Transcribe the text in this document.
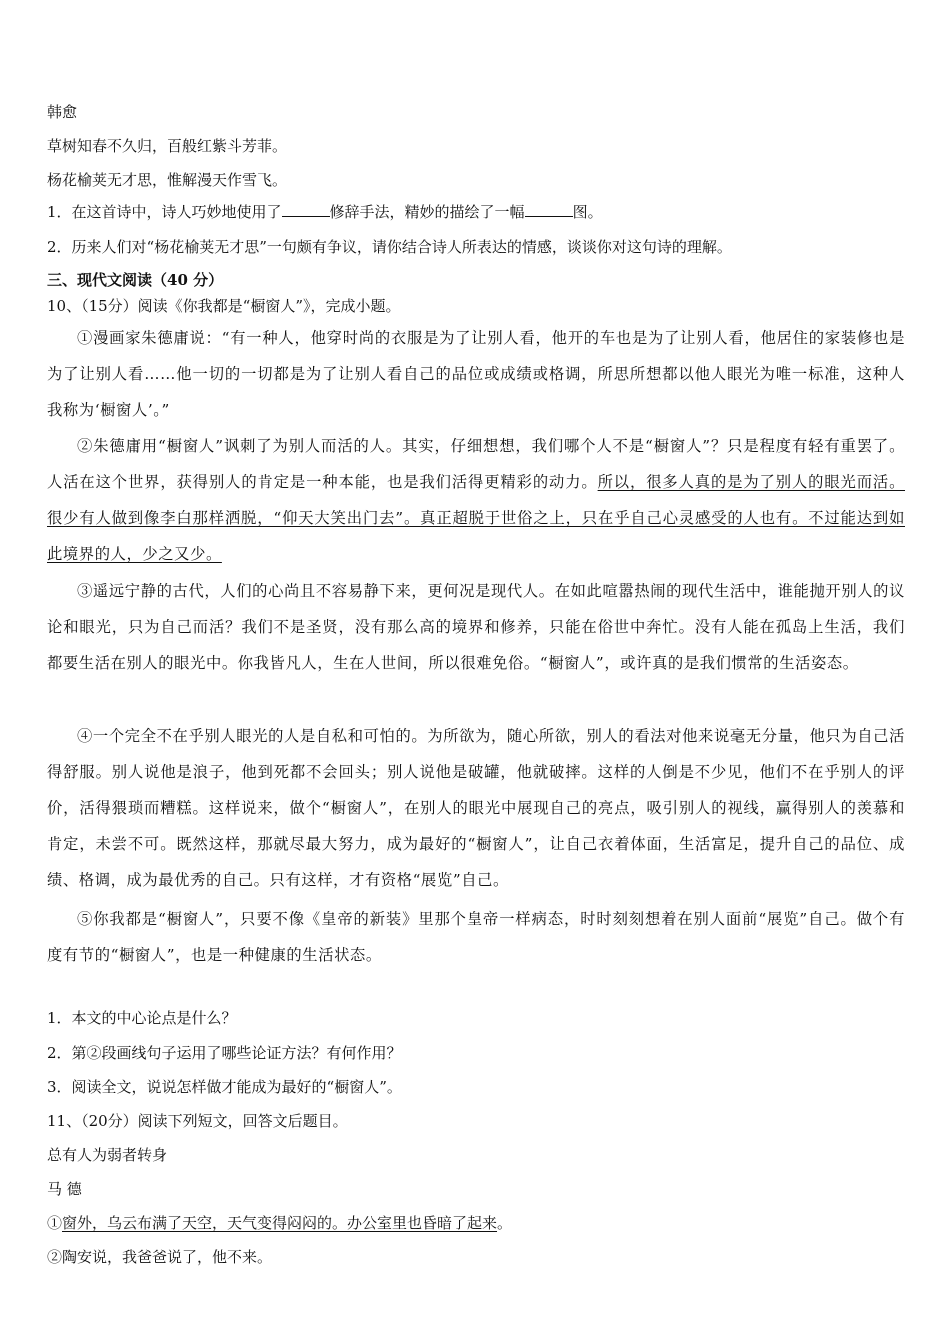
韩愈
草树知春不久归，百般红紫斗芳菲。
杨花榆荚无才思，惟解漫天作雪飞。
1．在这首诗中，诗人巧妙地使用了	修辞手法，精妙的描绘了一幅	图。
2．历来人们对“杨花榆荚无才思”一句颇有争议，请你结合诗人所表达的情感，谈谈你对这句诗的理解。
三、现代文阅读（40 分）
10、（15分）阅读《你我都是“橱窗人”》，完成小题。
①漫画家朱德庸说：“有一种人，他穿时尚的衣服是为了让别人看，他开的车也是为了让别人看，他居住的家装修也是为了让别人看……他一切的一切都是为了让别人看自己的品位或成绩或格调，所思所想都以他人眼光为唯一标准，这种人我称为‘橱窗人’。”
②朱德庸用“橱窗人”讽刺了为别人而活的人。其实，仔细想想，我们哪个人不是“橱窗人”？只是程度有轻有重罢了。人活在这个世界，获得别人的肯定是一种本能，也是我们活得更精彩的动力。所以，很多人真的是为了别人的眼光而活。很少有人做到像李白那样洒脱，“仰天大笑出门去”。真正超脱于世俗之上，只在乎自己心灵感受的人也有。不过能达到如此境界的人，少之又少。
③遥远宁静的古代，人们的心尚且不容易静下来，更何况是现代人。在如此喧嚣热闹的现代生活中，谁能抛开别人的议论和眼光，只为自己而活？我们不是圣贤，没有那么高的境界和修养，只能在俗世中奔忙。没有人能在孤岛上生活，我们都要生活在别人的眼光中。你我皆凡人，生在人世间，所以很难免俗。“橱窗人”，或许真的是我们惯常的生活姿态。
④一个完全不在乎别人眼光的人是自私和可怕的。为所欲为，随心所欲，别人的看法对他来说毫无分量，他只为自己活得舒服。别人说他是浪子，他到死都不会回头；别人说他是破罐，他就破摔。这样的人倒是不少见，他们不在乎别人的评价，活得猥琐而糟糕。这样说来，做个“橱窗人”，在别人的眼光中展现自己的亮点，吸引别人的视线，赢得别人的羡慕和肯定，未尝不可。既然这样，那就尽最大努力，成为最好的“橱窗人”，让自己衣着体面，生活富足，提升自己的品位、成绩、格调，成为最优秀的自己。只有这样，才有资格“展览”自己。
⑤你我都是“橱窗人”，只要不像《皇帝的新装》里那个皇帝一样病态，时时刻刻想着在别人面前“展览”自己。做个有度有节的“橱窗人”，也是一种健康的生活状态。
1．本文的中心论点是什么？
2．第②段画线句子运用了哪些论证方法？有何作用？
3．阅读全文，说说怎样做才能成为最好的“橱窗人”。
11、（20分）阅读下列短文，回答文后题目。
总有人为弱者转身
马 德
①窗外，乌云布满了天空，天气变得闷闷的。办公室里也昏暗了起来。
②陶安说，我爸爸说了，他不来。
